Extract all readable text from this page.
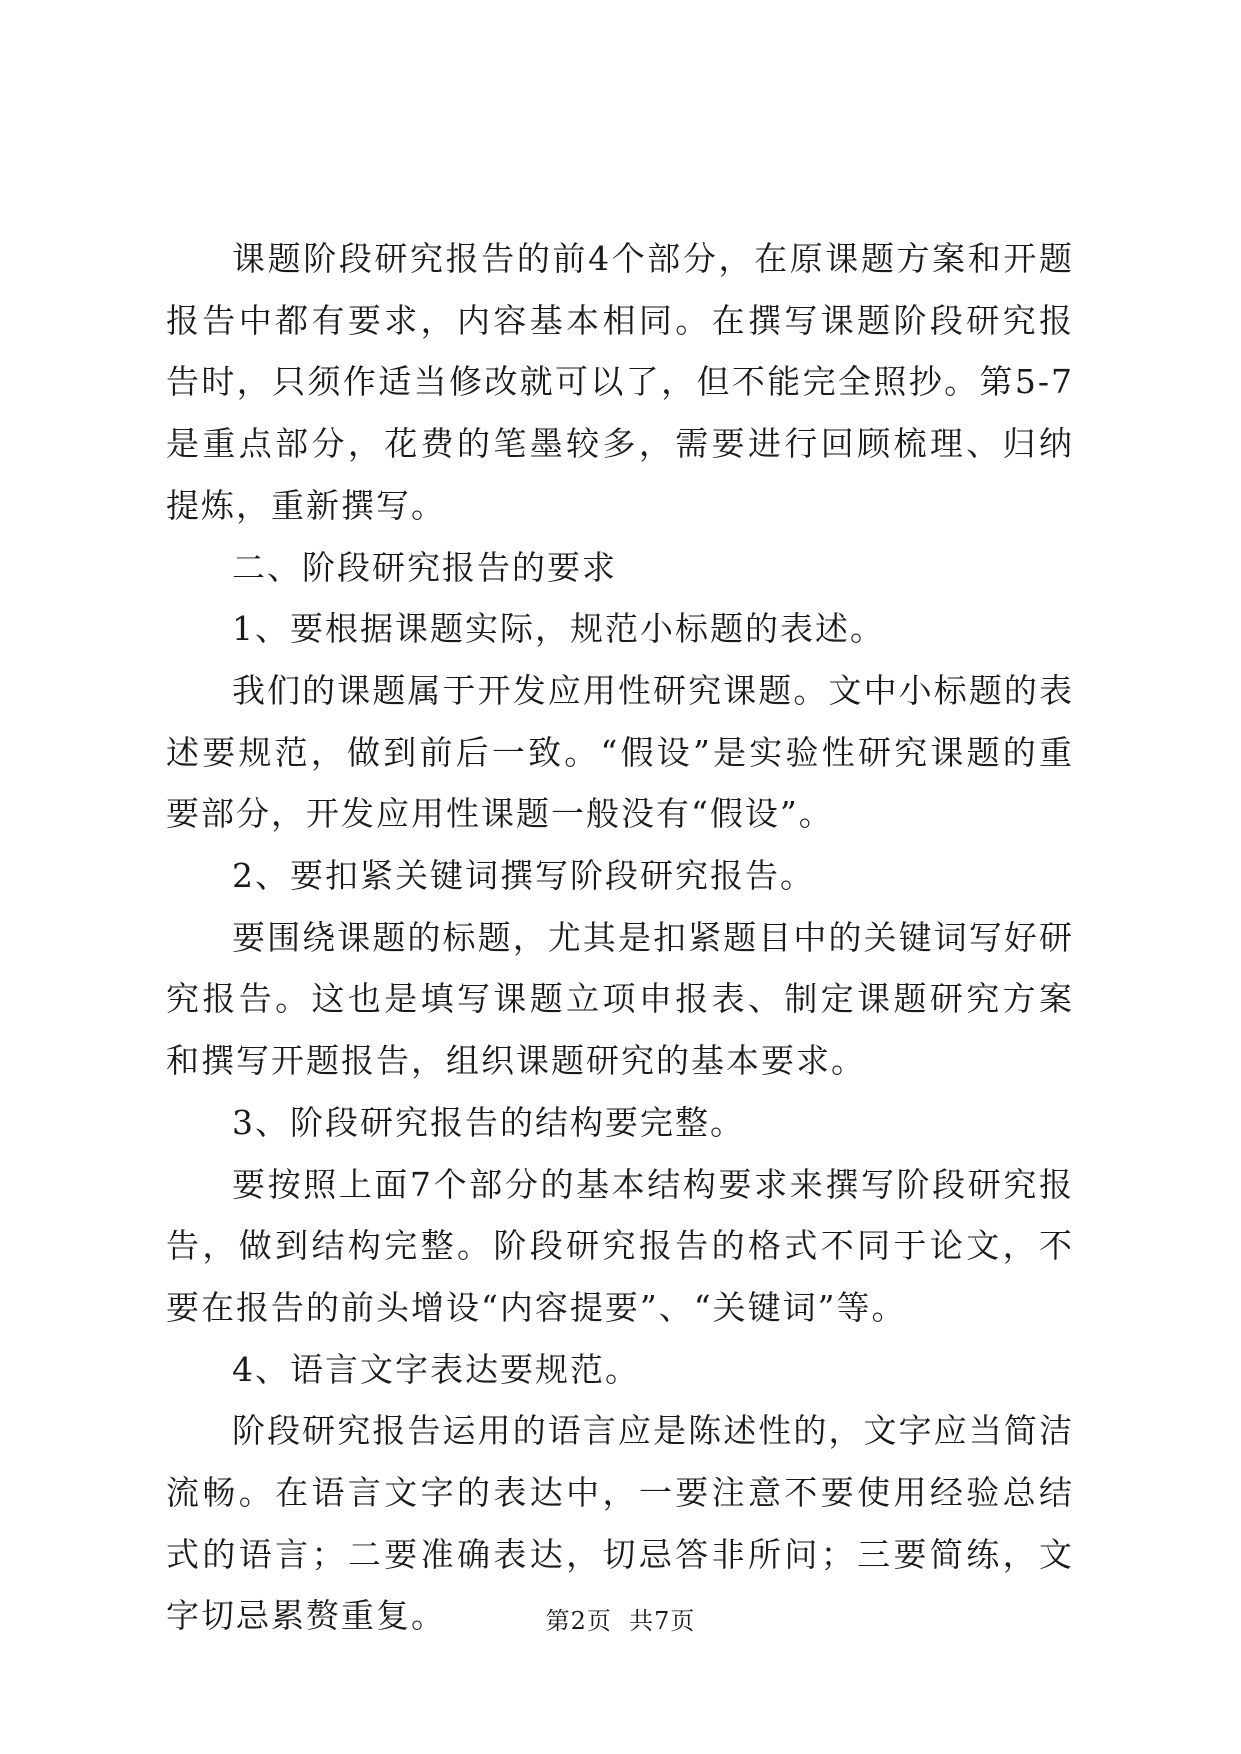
课题阶段研究报告的前4个部分，在原课题方案和开题报告中都有要求，内容基本相同。在撰写课题阶段研究报告时，只须作适当修改就可以了，但不能完全照抄。第5-7是重点部分，花费的笔墨较多，需要进行回顾梳理、归纳提炼，重新撰写。

二、阶段研究报告的要求

1、要根据课题实际，规范小标题的表述。

我们的课题属于开发应用性研究课题。文中小标题的表述要规范，做到前后一致。“假设”是实验性研究课题的重要部分，开发应用性课题一般没有“假设”。

2、要扣紧关键词撰写阶段研究报告。

要围绕课题的标题，尤其是扣紧题目中的关键词写好研究报告。这也是填写课题立项申报表、制定课题研究方案和撰写开题报告，组织课题研究的基本要求。

3、阶段研究报告的结构要完整。

要按照上面7个部分的基本结构要求来撰写阶段研究报告，做到结构完整。阶段研究报告的格式不同于论文，不要在报告的前头增设“内容提要”、“关键词”等。

4、语言文字表达要规范。

阶段研究报告运用的语言应是陈述性的，文字应当简洁流畅。在语言文字的表达中，一要注意不要使用经验总结式的语言；二要准确表达，切忌答非所问；三要简练，文字切忌累赘重复。	第2页  共7页
